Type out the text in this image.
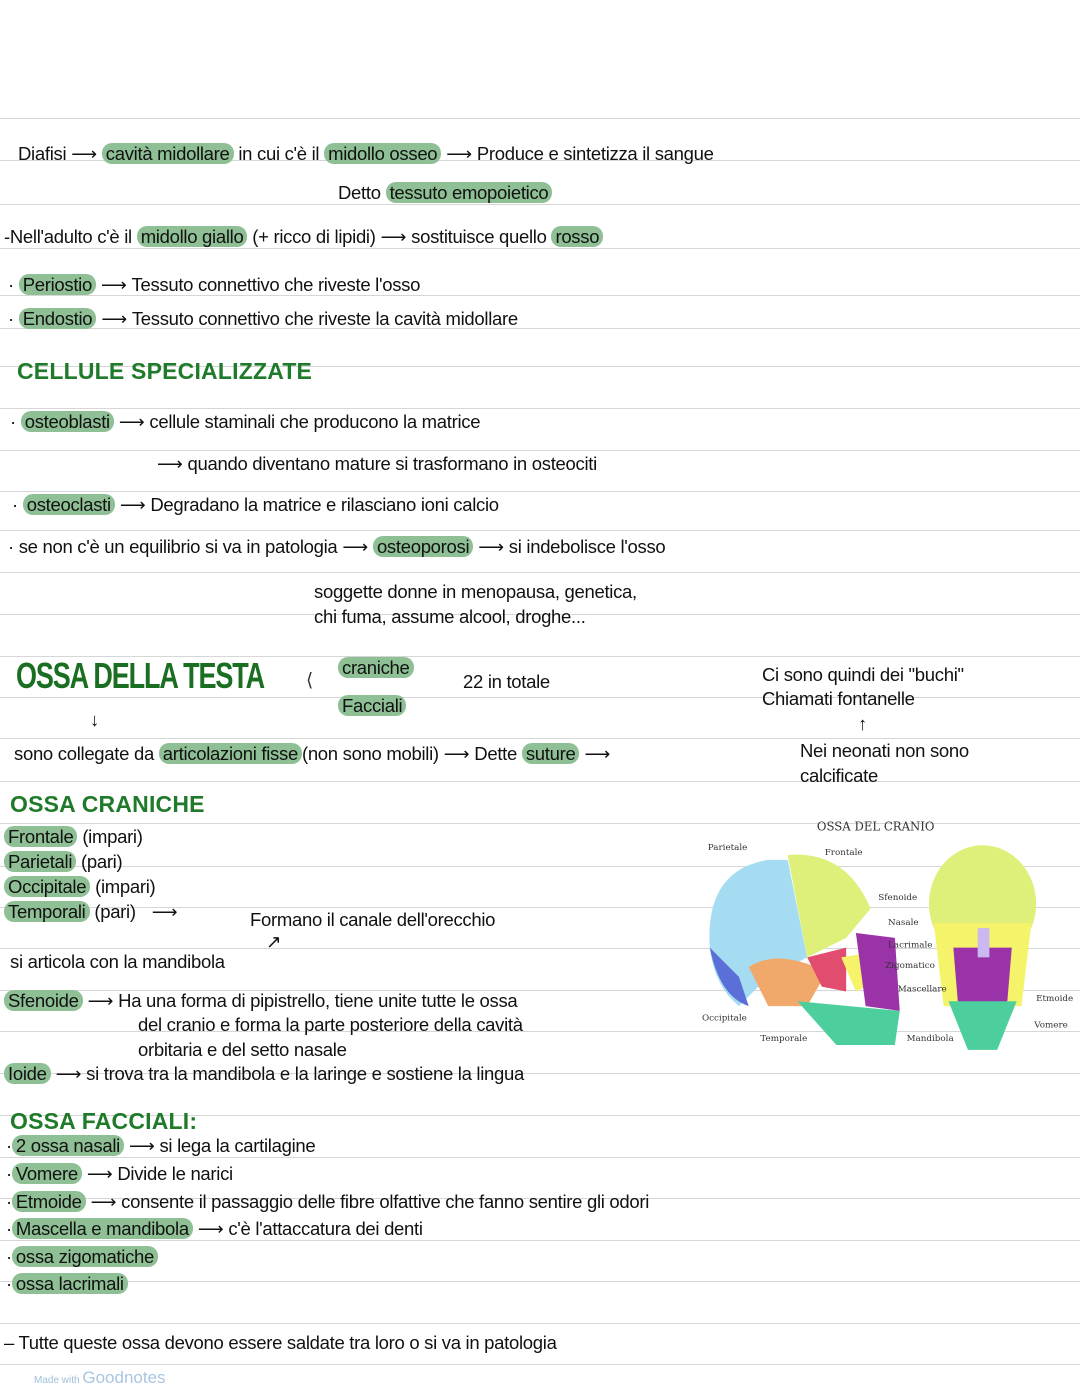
Diafisi ⟶ cavità midollare in cui c'è il midollo osseo ⟶ Produce e sintetizza il sangue
Detto tessuto emopoietico
-Nell'adulto c'è il midollo giallo (+ ricco di lipidi) ⟶ sostituisce quello rosso
· Periostio ⟶ Tessuto connettivo che riveste l'osso
· Endostio ⟶ Tessuto connettivo che riveste la cavità midollare
CELLULE SPECIALIZZATE
· osteoblasti ⟶ cellule staminali che producono la matrice
⟶ quando diventano mature si trasformano in osteociti
· osteoclasti ⟶ Degradano la matrice e rilasciano ioni calcio
· se non c'è un equilibrio si va in patologia ⟶ osteoporosi ⟶ si indebolisce l'osso
soggette donne in menopausa, genetica,
chi fuma, assume alcool, droghe...
OSSA DELLA TESTA ⟨
craniche
Facciali
22 in totale	Ci sono quindi dei "buchi"
Chiamati fontanelle
↓	↑
sono collegate da articolazioni fisse (non sono mobili) ⟶ Dette suture ⟶	Nei neonati non sono
calcificate
OSSA CRANICHE
Frontale (impari)
Parietali (pari)
Occipitale (impari)
Temporali (pari) ⟶	Formano il canale dell'orecchio
↗
si articola con la mandibola
Sfenoide ⟶ Ha una forma di pipistrello, tiene unite tutte le ossa
del cranio e forma la parte posteriore della cavità
orbitaria e del setto nasale
Ioide ⟶ si trova tra la mandibola e la laringe e sostiene la lingua
OSSA DEL CRANIO
Parietale	Frontale
Sfenoide
Nasale
Lacrimale
Zigomatico
Mascellare
Occipitale
Temporale	Mandibola
Etmoide
Vomere
OSSA FACCIALI:
· 2 ossa nasali ⟶ si lega la cartilagine
· Vomere ⟶ Divide le narici
· Etmoide ⟶ consente il passaggio delle fibre olfattive che fanno sentire gli odori
· Mascella e mandibola ⟶ c'è l'attaccatura dei denti
· ossa zigomatiche
· ossa lacrimali
– Tutte queste ossa devono essere saldate tra loro o si va in patologia
Made with Goodnotes
